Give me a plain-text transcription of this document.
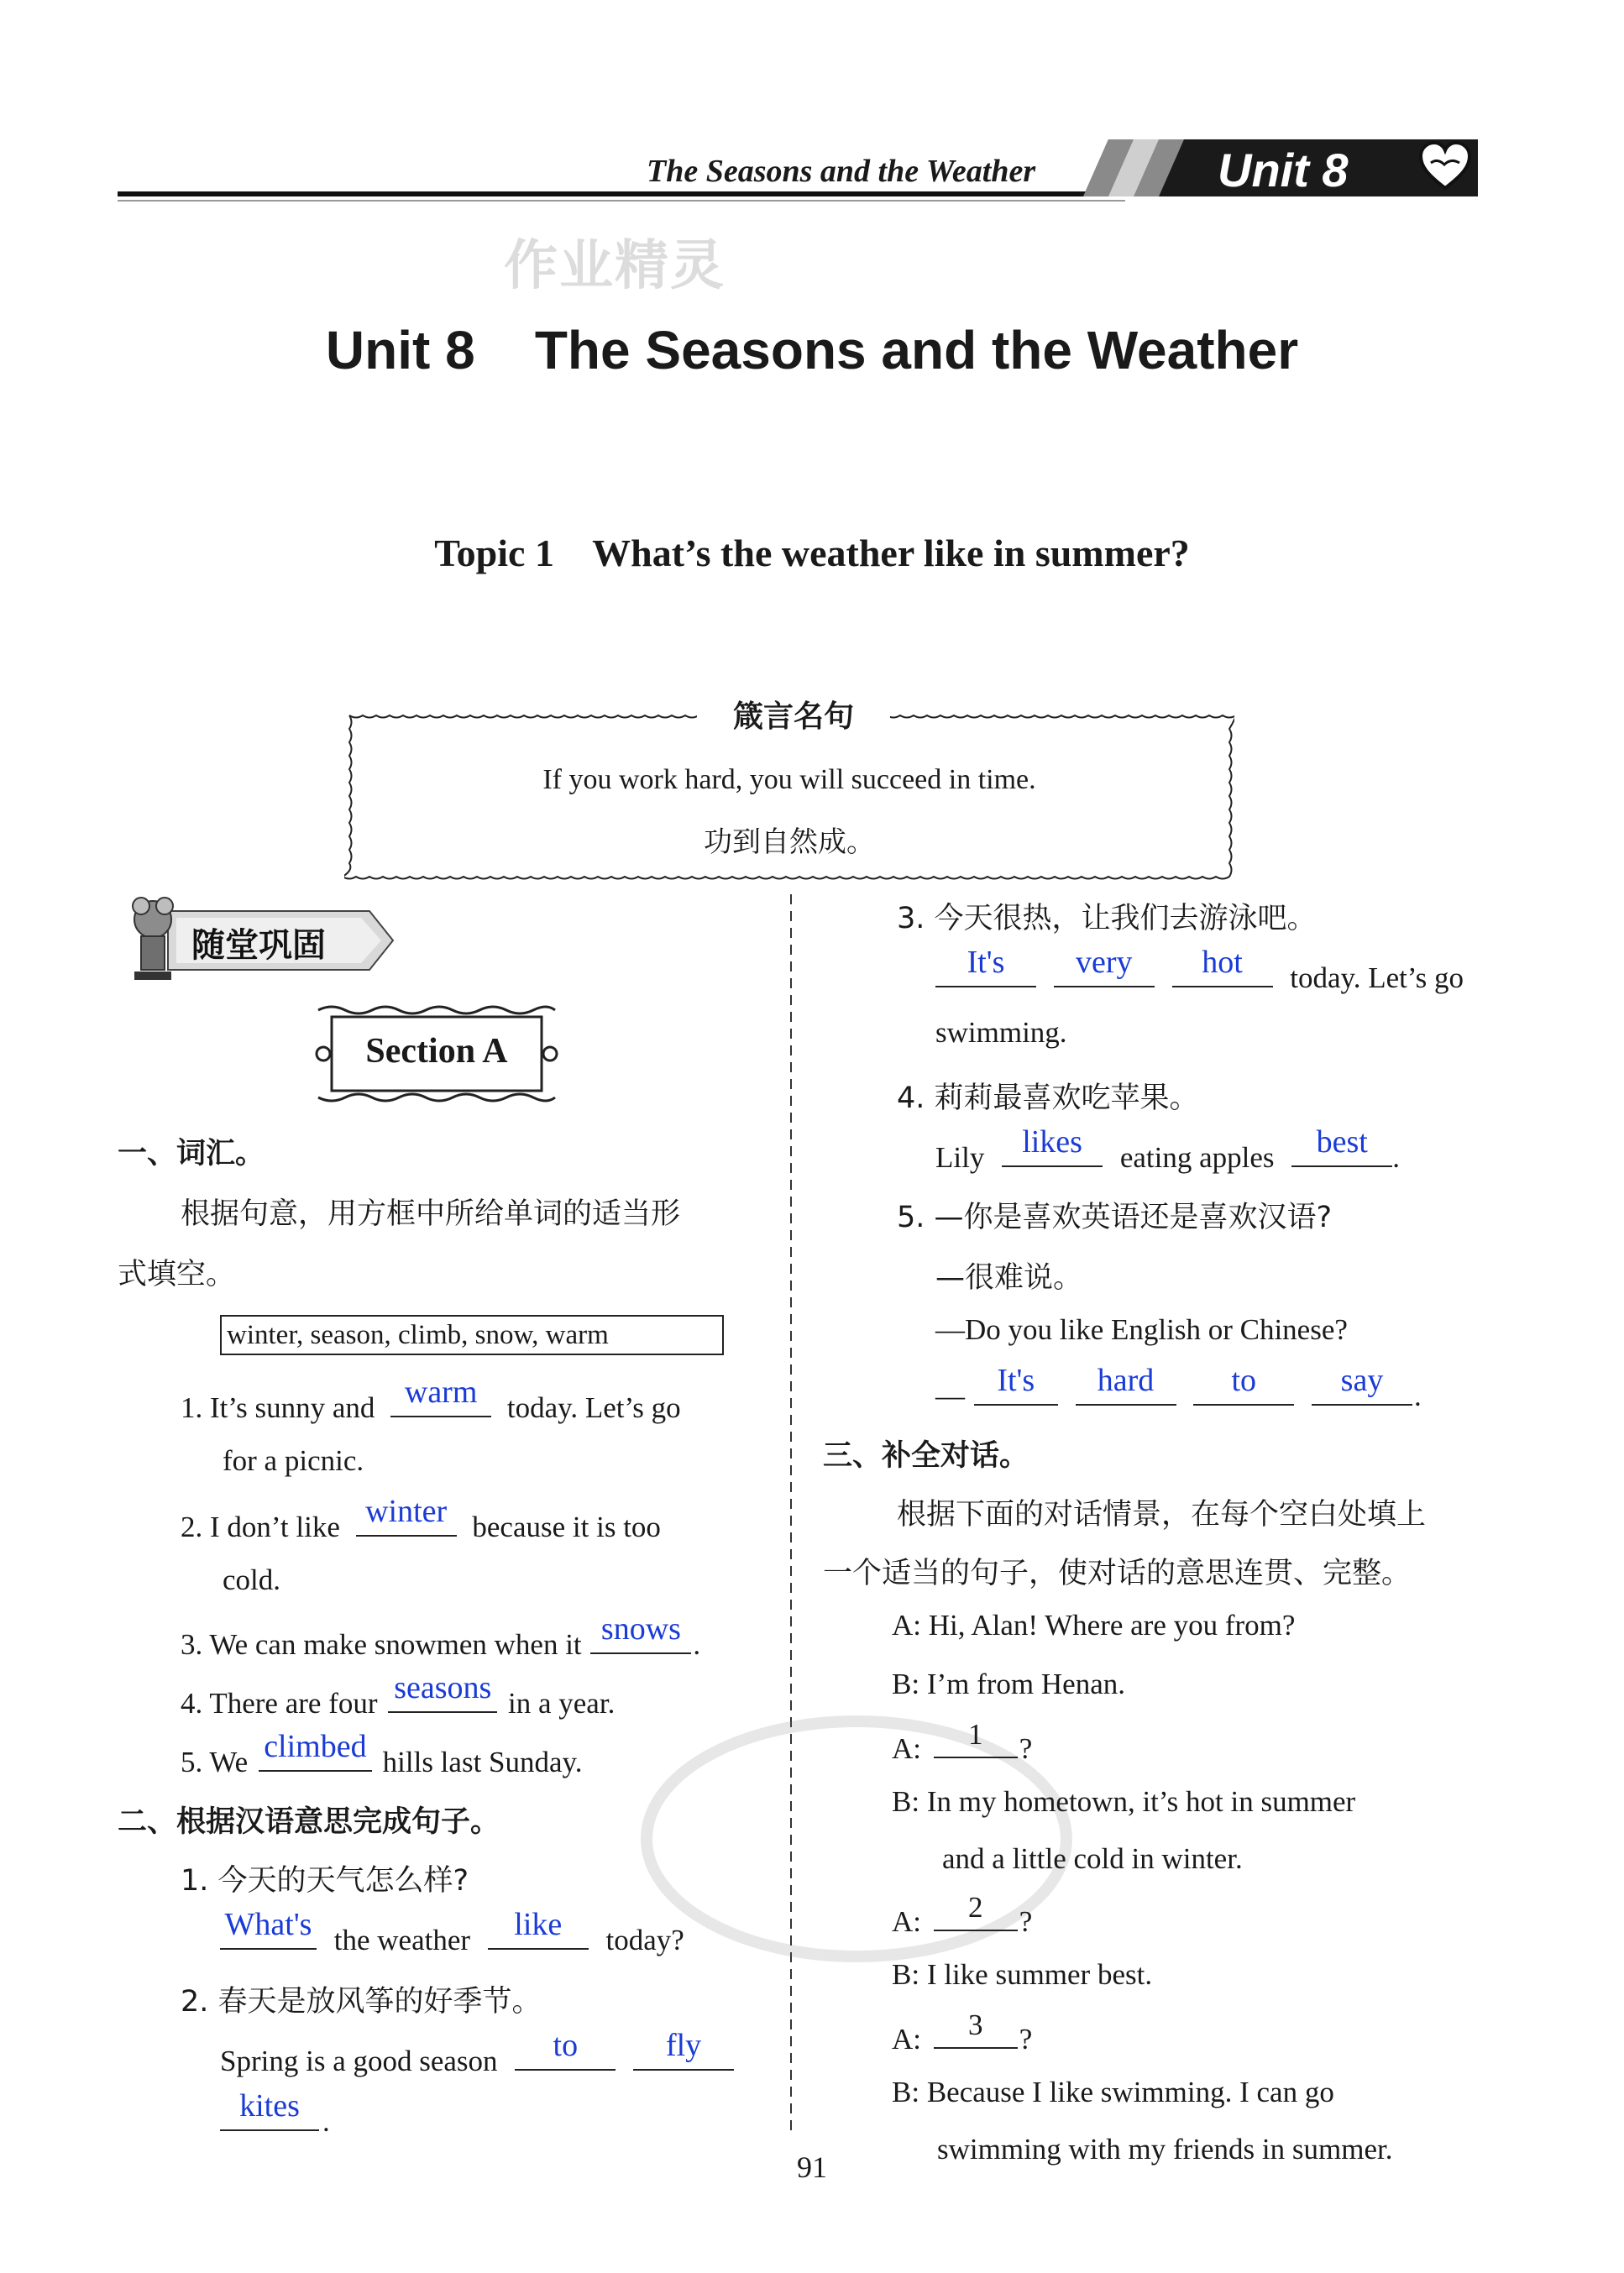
The Seasons and the Weather	Unit 8
作业精灵
Unit 8    The Seasons and the Weather
Topic 1    What’s the weather like in summer?
箴言名句
If you work hard, you will succeed in time.
功到自然成。
随堂巩固
Section A
一、词汇。
根据句意，用方框中所给单词的适当形
式填空。
winter, season, climb, snow, warm
1. It’s sunny and warm	today. Let’s go
for a picnic.
2. I don’t like winter because it is too
cold.
3. We can make snowmen when it snows .
4. There are four seasons in a year.
5. We climbed hills last Sunday.
二、根据汉语意思完成句子。
1. 今天的天气怎么样?
What's the weather	like	today?
2. 春天是放风筝的好季节。
Spring is a good season	to
	fly
kites .
3. 今天很热，让我们去游泳吧。
It's
	very
	hot	today. Let’s go
swimming.
4. 莉莉最喜欢吃苹果。
Lily	likes	eating apples	best .
5. —你是喜欢英语还是喜欢汉语?
—很难说。
—Do you like English or Chinese?
—	It's
	hard
	to
	say	.
三、补全对话。
根据下面的对话情景，在每个空白处填上
一个适当的句子，使对话的意思连贯、完整。
A: Hi, Alan! Where are you from?
B: I’m from Henan.
A:	1	?
B: In my hometown, it’s hot in summer
and a little cold in winter.
A:	2	?
B: I like summer best.
A:	3	?
B: Because I like swimming. I can go
swimming with my friends in summer.
91
